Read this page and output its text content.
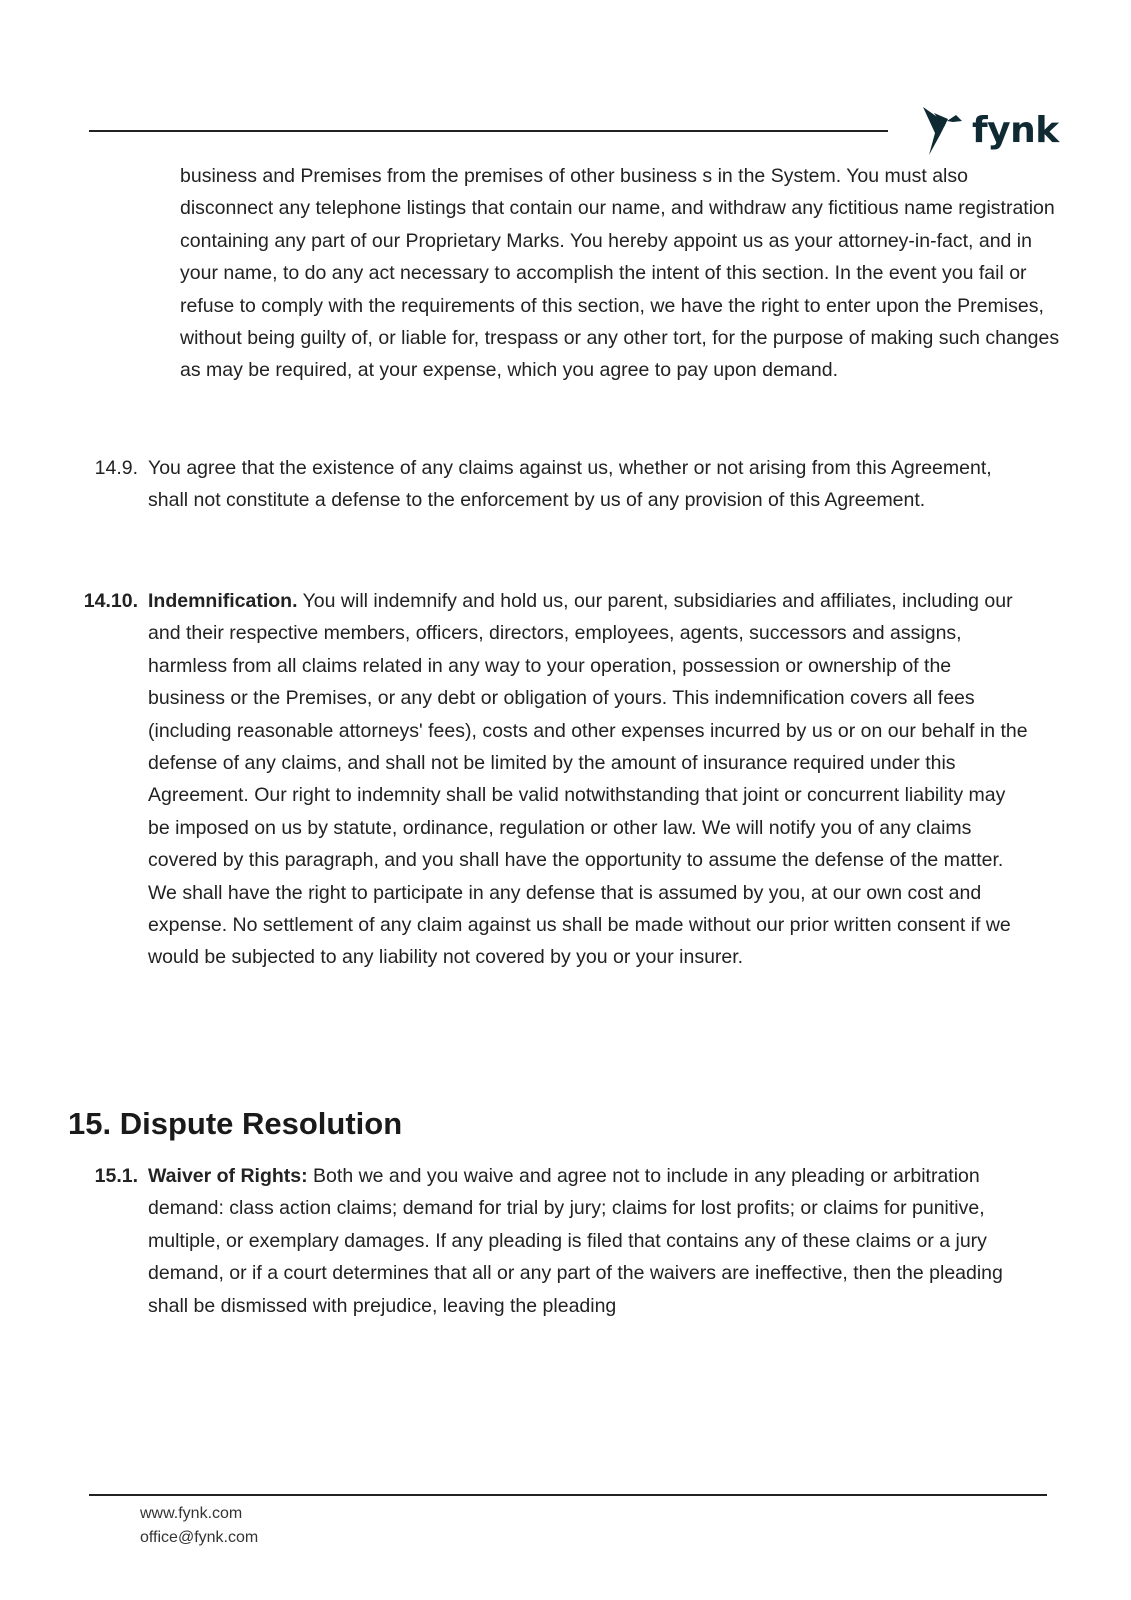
fynk

business and Premises from the premises of other business s in the System. You must also disconnect any telephone listings that contain our name, and withdraw any fictitious name registration containing any part of our Proprietary Marks. You hereby appoint us as your attorney-in-fact, and in your name, to do any act necessary to accomplish the intent of this section. In the event you fail or refuse to comply with the requirements of this section, we have the right to enter upon the Premises, without being guilty of, or liable for, trespass or any other tort, for the purpose of making such changes as may be required, at your expense, which you agree to pay upon demand.

14.9. You agree that the existence of any claims against us, whether or not arising from this Agreement, shall not constitute a defense to the enforcement by us of any provision of this Agreement.
14.10. Indemnification. You will indemnify and hold us, our parent, subsidiaries and affiliates, including our and their respective members, officers, directors, employees, agents, successors and assigns, harmless from all claims related in any way to your operation, possession or ownership of the business or the Premises, or any debt or obligation of yours. This indemnification covers all fees (including reasonable attorneys' fees), costs and other expenses incurred by us or on our behalf in the defense of any claims, and shall not be limited by the amount of insurance required under this Agreement. Our right to indemnity shall be valid notwithstanding that joint or concurrent liability may be imposed on us by statute, ordinance, regulation or other law. We will notify you of any claims covered by this paragraph, and you shall have the opportunity to assume the defense of the matter. We shall have the right to participate in any defense that is assumed by you, at our own cost and expense. No settlement of any claim against us shall be made without our prior written consent if we would be subjected to any liability not covered by you or your insurer.
15. Dispute Resolution
15.1. Waiver of Rights: Both we and you waive and agree not to include in any pleading or arbitration demand: class action claims; demand for trial by jury; claims for lost profits; or claims for punitive, multiple, or exemplary damages. If any pleading is filed that contains any of these claims or a jury demand, or if a court determines that all or any part of the waivers are ineffective, then the pleading shall be dismissed with prejudice, leaving the pleading
www.fynk.com
office@fynk.com
